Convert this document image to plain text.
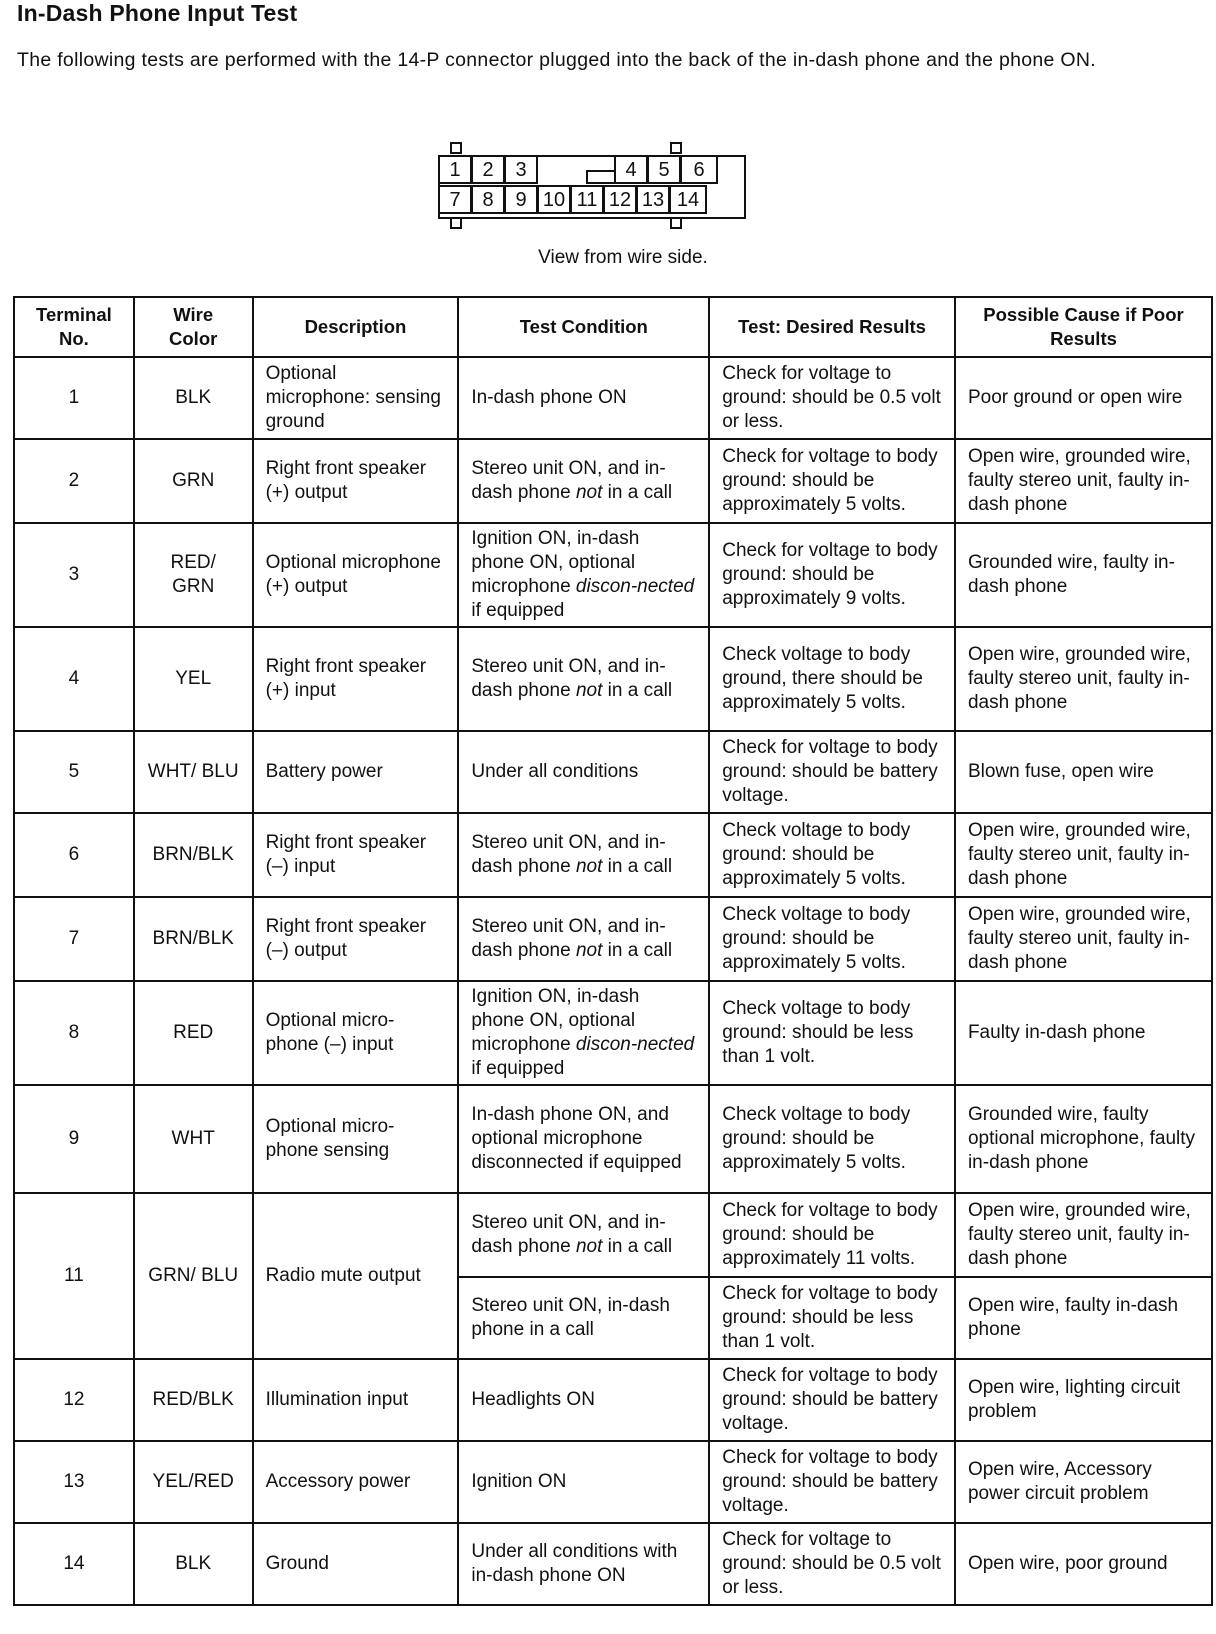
In-Dash Phone Input Test
The following tests are performed with the 14-P connector plugged into the back of the in-dash phone and the phone ON.
1	2	3	4	5	6
7	8	9 10 11 12 13 14
View from wire side.
Terminal No.	Wire Color	Description	Test Condition	Test: Desired Results	Possible Cause if Poor Results
1	BLK	Optional microphone: sensing ground	In-dash phone ON	Check for voltage to ground: should be 0.5 volt or less.	Poor ground or open wire
2	GRN	Right front speaker (+) output	Stereo unit ON, and in-dash phone not in a call	Check for voltage to body ground: should be approximately 5 volts.	Open wire, grounded wire, faulty stereo unit, faulty in-dash phone
3	RED/ GRN	Optional microphone (+) output	Ignition ON, in-dash phone ON, optional microphone discon-nected if equipped	Check for voltage to body ground: should be approximately 9 volts.	Grounded wire, faulty in-dash phone
4	YEL	Right front speaker (+) input	Stereo unit ON, and in-dash phone not in a call	Check voltage to body ground, there should be approximately 5 volts.	Open wire, grounded wire, faulty stereo unit, faulty in-dash phone
5	WHT/ BLU	Battery power	Under all conditions	Check for voltage to body ground: should be battery voltage.	Blown fuse, open wire
6	BRN/BLK	Right front speaker (–) input	Stereo unit ON, and in-dash phone not in a call	Check voltage to body ground: should be approximately 5 volts.	Open wire, grounded wire, faulty stereo unit, faulty in-dash phone
7	BRN/BLK	Right front speaker (–) output	Stereo unit ON, and in-dash phone not in a call	Check voltage to body ground: should be approximately 5 volts.	Open wire, grounded wire, faulty stereo unit, faulty in-dash phone
8	RED	Optional micro-phone (–) input	Ignition ON, in-dash phone ON, optional microphone discon-nected if equipped	Check voltage to body ground: should be less than 1 volt.	Faulty in-dash phone
9	WHT	Optional micro-phone sensing	In-dash phone ON, and optional microphone disconnected if equipped	Check voltage to body ground: should be approximately 5 volts.	Grounded wire, faulty optional microphone, faulty in-dash phone
11	GRN/ BLU	Radio mute output	Stereo unit ON, and in-dash phone not in a call	Check for voltage to body ground: should be approximately 11 volts.	Open wire, grounded wire, faulty stereo unit, faulty in-dash phone
			Stereo unit ON, in-dash phone in a call	Check for voltage to body ground: should be less than 1 volt.	Open wire, faulty in-dash phone
12	RED/BLK	Illumination input	Headlights ON	Check for voltage to body ground: should be battery voltage.	Open wire, lighting circuit problem
13	YEL/RED	Accessory power	Ignition ON	Check for voltage to body ground: should be battery voltage.	Open wire, Accessory power circuit problem
14	BLK	Ground	Under all conditions with in-dash phone ON	Check for voltage to ground: should be 0.5 volt or less.	Open wire, poor ground
